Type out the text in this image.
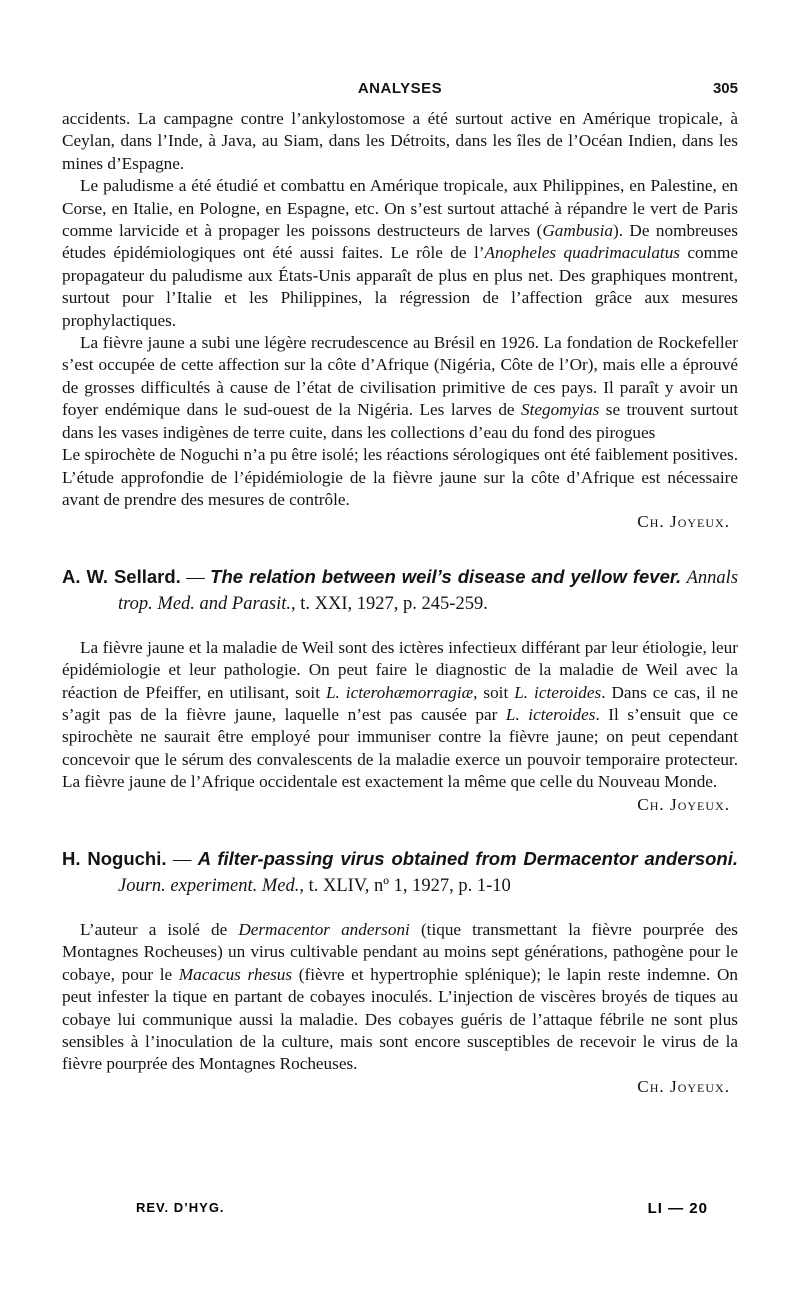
ANALYSES	305

accidents. La campagne contre l’ankylostomose a été surtout active en Amérique tropicale, à Ceylan, dans l’Inde, à Java, au Siam, dans les Détroits, dans les îles de l’Océan Indien, dans les mines d’Espagne.

Le paludisme a été étudié et combattu en Amérique tropicale, aux Philippines, en Palestine, en Corse, en Italie, en Pologne, en Espagne, etc. On s’est surtout attaché à répandre le vert de Paris comme larvicide et à propager les poissons destructeurs de larves (Gambusia). De nombreuses études épidémiologiques ont été aussi faites. Le rôle de l’Anopheles quadrimaculatus comme propagateur du paludisme aux États-Unis apparaît de plus en plus net. Des graphiques montrent, surtout pour l’Italie et les Philippines, la régression de l’affection grâce aux mesures prophylactiques.

La fièvre jaune a subi une légère recrudescence au Brésil en 1926. La fondation de Rockefeller s’est occupée de cette affection sur la côte d’Afrique (Nigéria, Côte de l’Or), mais elle a éprouvé de grosses difficultés à cause de l’état de civilisation primitive de ces pays. Il paraît y avoir un foyer endémique dans le sud-ouest de la Nigéria. Les larves de Stegomyias se trouvent surtout dans les vases indigènes de terre cuite, dans les collections d’eau du fond des pirogues

Le spirochète de Noguchi n’a pu être isolé; les réactions sérologiques ont été faiblement positives. L’étude approfondie de l’épidémiologie de la fièvre jaune sur la côte d’Afrique est nécessaire avant de prendre des mesures de contrôle.

Ch. Joyeux.

A. W. Sellard. — The relation between weil’s disease and yellow fever. Annals trop. Med. and Parasit., t. XXI, 1927, p. 245-259.

La fièvre jaune et la maladie de Weil sont des ictères infectieux différant par leur étiologie, leur épidémiologie et leur pathologie. On peut faire le diagnostic de la maladie de Weil avec la réaction de Pfeiffer, en utilisant, soit L. icterohæmorragiæ, soit L. icteroides. Dans ce cas, il ne s’agit pas de la fièvre jaune, laquelle n’est pas causée par L. icteroides. Il s’ensuit que ce spirochète ne saurait être employé pour immuniser contre la fièvre jaune; on peut cependant concevoir que le sérum des convalescents de la maladie exerce un pouvoir temporaire protecteur. La fièvre jaune de l’Afrique occidentale est exactement la même que celle du Nouveau Monde.

Ch. Joyeux.

H. Noguchi. — A filter-passing virus obtained from Dermacentor andersoni. Journ. experiment. Med., t. XLIV, nº 1, 1927, p. 1-10

L’auteur a isolé de Dermacentor andersoni (tique transmettant la fièvre pourprée des Montagnes Rocheuses) un virus cultivable pendant au moins sept générations, pathogène pour le cobaye, pour le Macacus rhesus (fièvre et hypertrophie splénique); le lapin reste indemne. On peut infester la tique en partant de cobayes inoculés. L’injection de viscères broyés de tiques au cobaye lui communique aussi la maladie. Des cobayes guéris de l’attaque fébrile ne sont plus sensibles à l’inoculation de la culture, mais sont encore susceptibles de recevoir le virus de la fièvre pourprée des Montagnes Rocheuses.

Ch. Joyeux.

REV. D’HYG.	LI — 20
